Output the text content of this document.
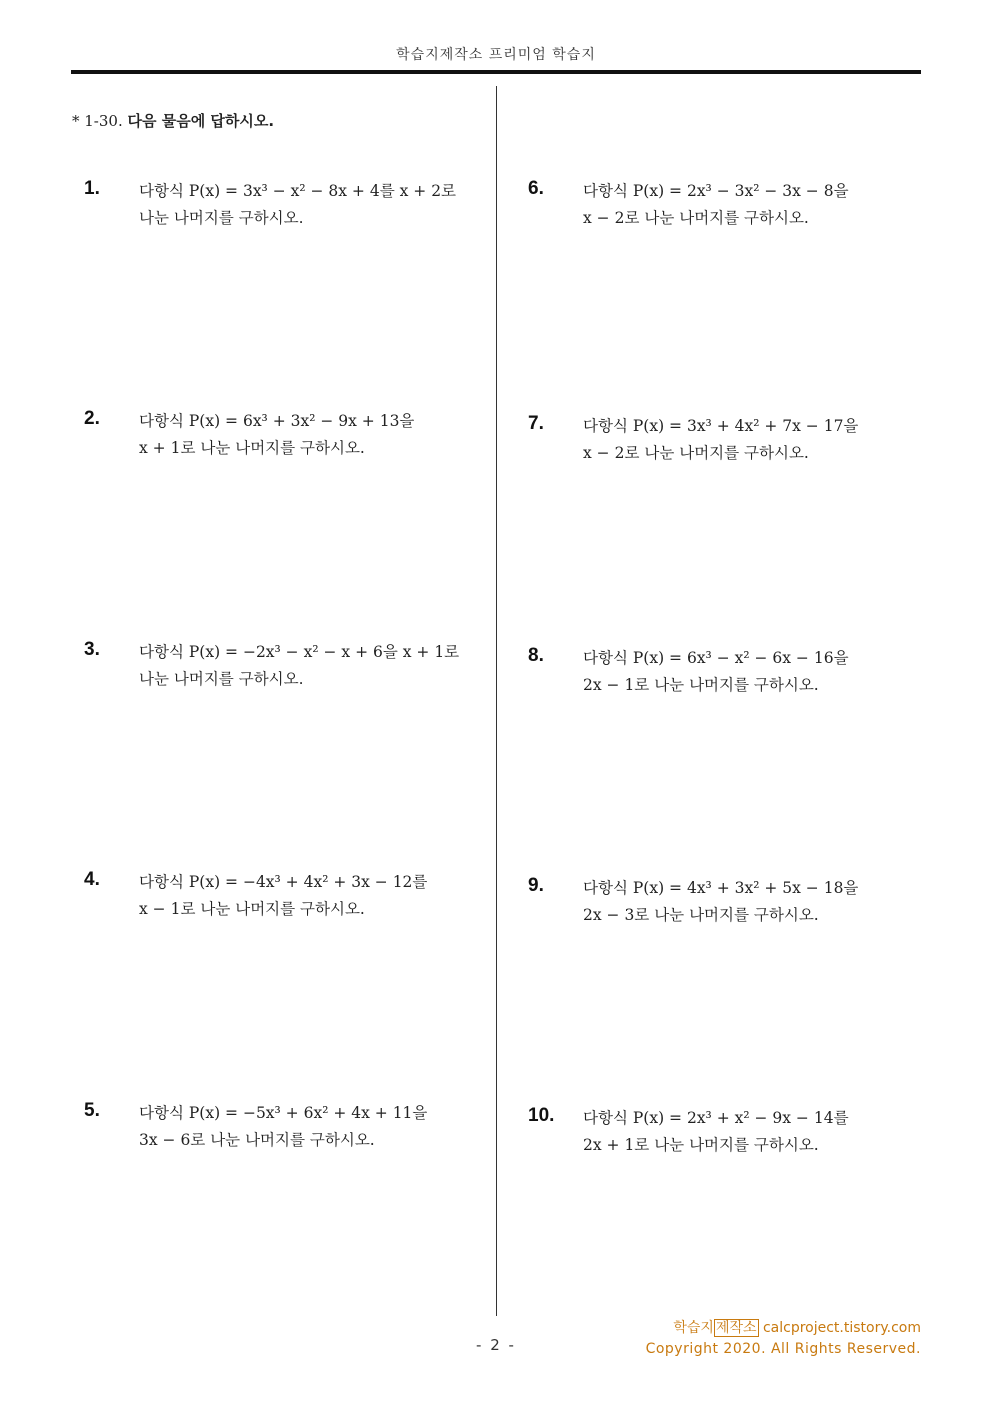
학습지제작소 프리미엄 학습지
* 1-30. 다음 물음에 답하시오.
1.	다항식 P(x) = 3x³ − x² − 8x + 4를 x + 2로
나눈 나머지를 구하시오.
2.	다항식 P(x) = 6x³ + 3x² − 9x + 13을
x + 1로 나눈 나머지를 구하시오.
3.	다항식 P(x) = −2x³ − x² − x + 6을 x + 1로
나눈 나머지를 구하시오.
4.	다항식 P(x) = −4x³ + 4x² + 3x − 12를
x − 1로 나눈 나머지를 구하시오.
5.	다항식 P(x) = −5x³ + 6x² + 4x + 11을
3x − 6로 나눈 나머지를 구하시오.
6.	다항식 P(x) = 2x³ − 3x² − 3x − 8을
x − 2로 나눈 나머지를 구하시오.
7.	다항식 P(x) = 3x³ + 4x² + 7x − 17을
x − 2로 나눈 나머지를 구하시오.
8.	다항식 P(x) = 6x³ − x² − 6x − 16을
2x − 1로 나눈 나머지를 구하시오.
9.	다항식 P(x) = 4x³ + 3x² + 5x − 18을
2x − 3로 나눈 나머지를 구하시오.
10. 다항식 P(x) = 2x³ + x² − 9x − 14를
2x + 1로 나눈 나머지를 구하시오.
학습지 제작소 calcproject.tistory.com
Copyright 2020. All Rights Reserved.
- 2 -
